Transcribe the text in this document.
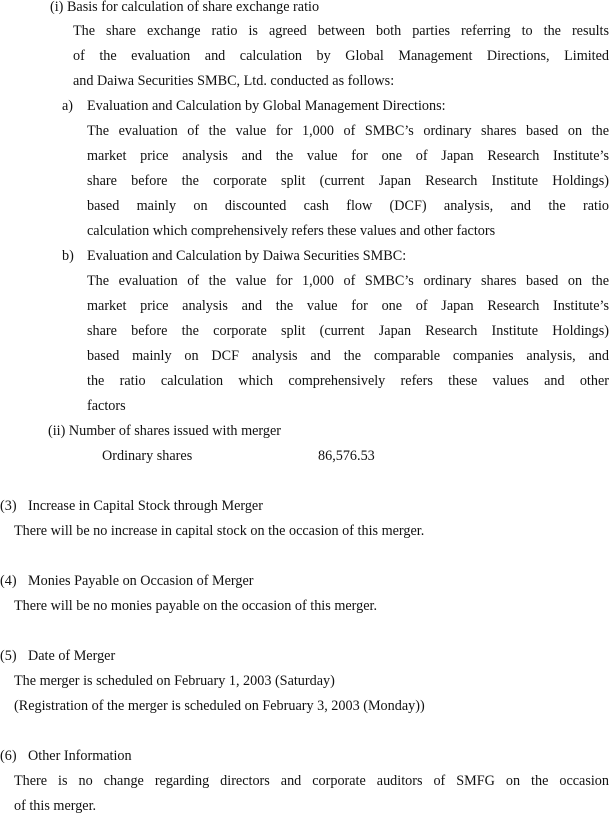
(i) Basis for calculation of share exchange ratio
The share exchange ratio is agreed between both parties referring to the results
of the evaluation and calculation by Global Management Directions, Limited
and Daiwa Securities SMBC, Ltd. conducted as follows:
a) Evaluation and Calculation by Global Management Directions:
The evaluation of the value for 1,000 of SMBC’s ordinary shares based on the
market price analysis and the value for one of Japan Research Institute’s
share before the corporate split (current Japan Research Institute Holdings)
based mainly on discounted cash flow (DCF) analysis, and the ratio
calculation which comprehensively refers these values and other factors
b) Evaluation and Calculation by Daiwa Securities SMBC:
The evaluation of the value for 1,000 of SMBC’s ordinary shares based on the
market price analysis and the value for one of Japan Research Institute’s
share before the corporate split (current Japan Research Institute Holdings)
based mainly on DCF analysis and the comparable companies analysis, and
the ratio calculation which comprehensively refers these values and other
factors
(ii) Number of shares issued with merger
Ordinary shares	86,576.53
(3) Increase in Capital Stock through Merger
There will be no increase in capital stock on the occasion of this merger.
(4) Monies Payable on Occasion of Merger
There will be no monies payable on the occasion of this merger.
(5) Date of Merger
The merger is scheduled on February 1, 2003 (Saturday)
(Registration of the merger is scheduled on February 3, 2003 (Monday))
(6) Other Information
There is no change regarding directors and corporate auditors of SMFG on the occasion
of this merger.
